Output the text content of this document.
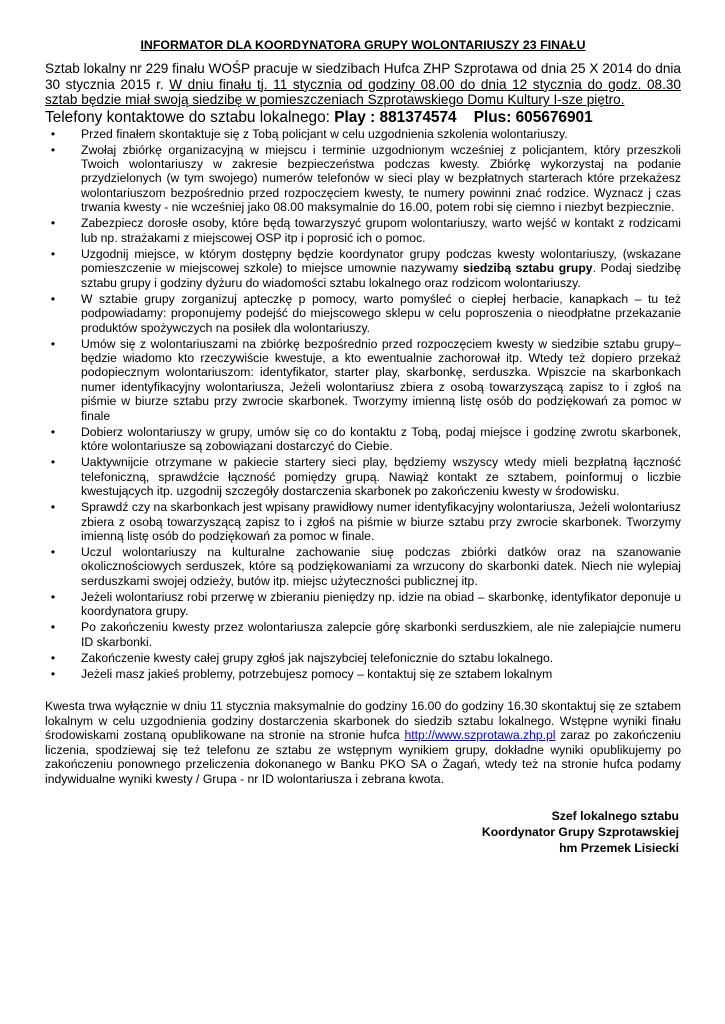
INFORMATOR DLA KOORDYNATORA GRUPY WOLONTARIUSZY 23 FINAŁU

Sztab lokalny nr 229 finału WOŚP pracuje w siedzibach Hufca ZHP Szprotawa od dnia 25 X 2014 do dnia 30 stycznia 2015 r. W dniu finału tj. 11 stycznia od godziny 08.00 do dnia 12 stycznia do godz. 08.30 sztab będzie miał swoją siedzibę w pomieszczeniach Szprotawskiego Domu Kultury I-sze piętro.

Telefony kontaktowe do sztabu lokalnego: Play : 881374574 Plus: 605676901

•	Przed finałem skontaktuje się z Tobą policjant w celu uzgodnienia szkolenia wolontariuszy.
•	Zwołaj zbiórkę organizacyjną w miejscu i terminie uzgodnionym wcześniej z policjantem, który przeszkoli Twoich wolontariuszy w zakresie bezpieczeństwa podczas kwesty. Zbiórkę wykorzystaj na podanie przydzielonych (w tym swojego) numerów telefonów w sieci play w bezpłatnych starterach które przekażesz wolontariuszom bezpośrednio przed rozpoczęciem kwesty, te numery powinni znać rodzice. Wyznacz j czas trwania kwesty - nie wcześniej jako 08.00 maksymalnie do 16.00, potem robi się ciemno i niezbyt bezpiecznie.
•	Zabezpiecz dorosłe osoby, które będą towarzyszyć grupom wolontariuszy, warto wejść w kontakt z rodzicami lub np. strażakami z miejscowej OSP itp i poprosić ich o pomoc.
•	Uzgodnij miejsce, w którym dostępny będzie koordynator grupy podczas kwesty wolontariuszy, (wskazane pomieszczenie w miejscowej szkole) to miejsce umownie nazywamy siedzibą sztabu grupy. Podaj siedzibę sztabu grupy i godziny dyżuru do wiadomości sztabu lokalnego oraz rodzicom wolontariuszy.
•	W sztabie grupy zorganizuj apteczkę p pomocy, warto pomyśleć o ciepłej herbacie, kanapkach – tu też podpowiadamy: proponujemy podejść do miejscowego sklepu w celu poproszenia o nieodpłatne przekazanie produktów spożywczych na posiłek dla wolontariuszy.
•	Umów się z wolontariuszami na zbiórkę bezpośrednio przed rozpoczęciem kwesty w siedzibie sztabu grupy– będzie wiadomo kto rzeczywiście kwestuje, a kto ewentualnie zachorował itp. Wtedy też dopiero przekaż podopiecznym wolontariuszom: identyfikator, starter play, skarbonkę, serduszka. Wpiszcie na skarbonkach numer identyfikacyjny wolontariusza, Jeżeli wolontariusz zbiera z osobą towarzyszącą zapisz to i zgłoś na piśmie w biurze sztabu przy zwrocie skarbonek. Tworzymy imienną listę osób do podziękowań za pomoc w finale
•	Dobierz wolontariuszy w grupy, umów się co do kontaktu z Tobą, podaj miejsce i godzinę zwrotu skarbonek, które wolontariusze są zobowiązani dostarczyć do Ciebie.
•	Uaktywnijcie otrzymane w pakiecie startery sieci play, będziemy wszyscy wtedy mieli bezpłatną łączność telefoniczną, sprawdźcie łączność pomiędzy grupą. Nawiąż kontakt ze sztabem, poinformuj o liczbie kwestujących itp. uzgodnij szczegóły dostarczenia skarbonek po zakończeniu kwesty w środowisku.
•	Sprawdź czy na skarbonkach jest wpisany prawidłowy numer identyfikacyjny wolontariusza, Jeżeli wolontariusz zbiera z osobą towarzyszącą zapisz to i zgłoś na piśmie w biurze sztabu przy zwrocie skarbonek. Tworzymy imienną listę osób do podziękowań za pomoc w finale.
•	Uczul wolontariuszy na kulturalne zachowanie siuę podczas zbiórki datków oraz na szanowanie okolicznościowych serduszek, które są podziękowaniami za wrzucony do skarbonki datek. Niech nie wylepiaj serduszkami swojej odzieży, butów itp. miejsc użyteczności publicznej itp.
•	Jeżeli wolontariusz robi przerwę w zbieraniu pieniędzy np. idzie na obiad – skarbonkę, identyfikator deponuje u koordynatora grupy.
•	Po zakończeniu kwesty przez wolontariusza zalepcie górę skarbonki serduszkiem, ale nie zalepiajcie numeru ID skarbonki.
•	Zakończenie kwesty całej grupy zgłoś jak najszybciej telefonicznie do sztabu lokalnego.
•	Jeżeli masz jakieś problemy, potrzebujesz pomocy – kontaktuj się ze sztabem lokalnym

Kwesta trwa wyłącznie w dniu 11 stycznia maksymalnie do godziny 16.00 do godziny 16.30 skontaktuj się ze sztabem lokalnym w celu uzgodnienia godziny dostarczenia skarbonek do siedzib sztabu lokalnego. Wstępne wyniki finału środowiskami zostaną opublikowane na stronie na stronie hufca http://www.szprotawa.zhp.pl zaraz po zakończeniu liczenia, spodziewaj się też telefonu ze sztabu ze wstępnym wynikiem grupy, dokładne wyniki opublikujemy po zakończeniu ponownego przeliczenia dokonanego w Banku PKO SA o Żagań, wtedy też na stronie hufca podamy indywidualne wyniki kwesty / Grupa - nr ID wolontariusza i zebrana kwota.

Szef lokalnego sztabu
Koordynator Grupy Szprotawskiej
hm Przemek Lisiecki
